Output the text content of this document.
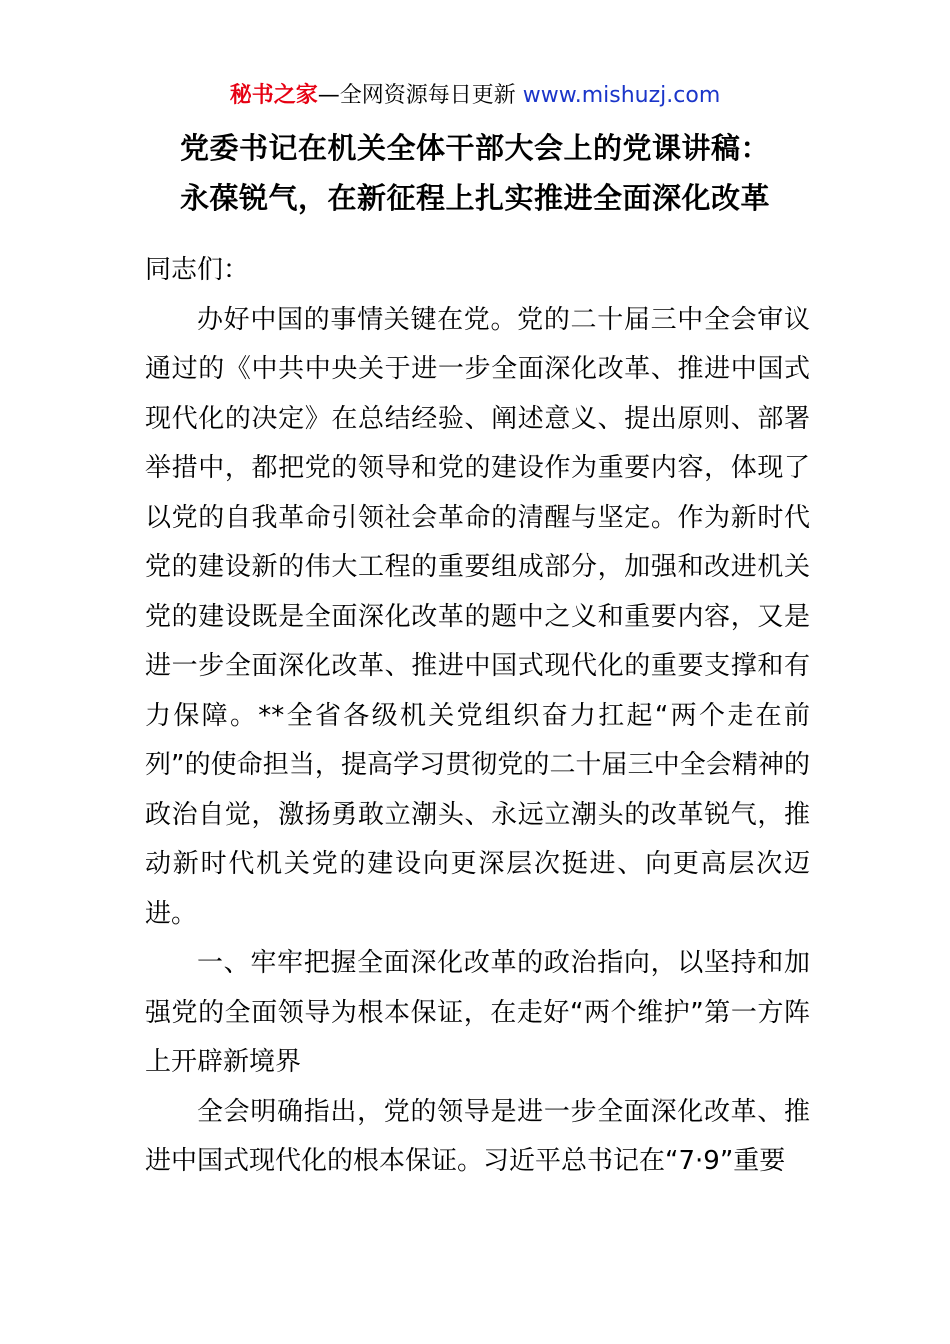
秘书之家—全网资源每日更新 www.mishuzj.com
党委书记在机关全体干部大会上的党课讲稿：
永葆锐气，在新征程上扎实推进全面深化改革

同志们：

办好中国的事情关键在党。党的二十届三中全会审议通过的《中共中央关于进一步全面深化改革、推进中国式现代化的决定》在总结经验、阐述意义、提出原则、部署举措中，都把党的领导和党的建设作为重要内容，体现了以党的自我革命引领社会革命的清醒与坚定。作为新时代党的建设新的伟大工程的重要组成部分，加强和改进机关党的建设既是全面深化改革的题中之义和重要内容，又是进一步全面深化改革、推进中国式现代化的重要支撑和有力保障。**全省各级机关党组织奋力扛起“两个走在前列”的使命担当，提高学习贯彻党的二十届三中全会精神的政治自觉，激扬勇敢立潮头、永远立潮头的改革锐气，推动新时代机关党的建设向更深层次挺进、向更高层次迈进。

一、牢牢把握全面深化改革的政治指向，以坚持和加强党的全面领导为根本保证，在走好“两个维护”第一方阵上开辟新境界

全会明确指出，党的领导是进一步全面深化改革、推进中国式现代化的根本保证。习近平总书记在“7·9”重要
